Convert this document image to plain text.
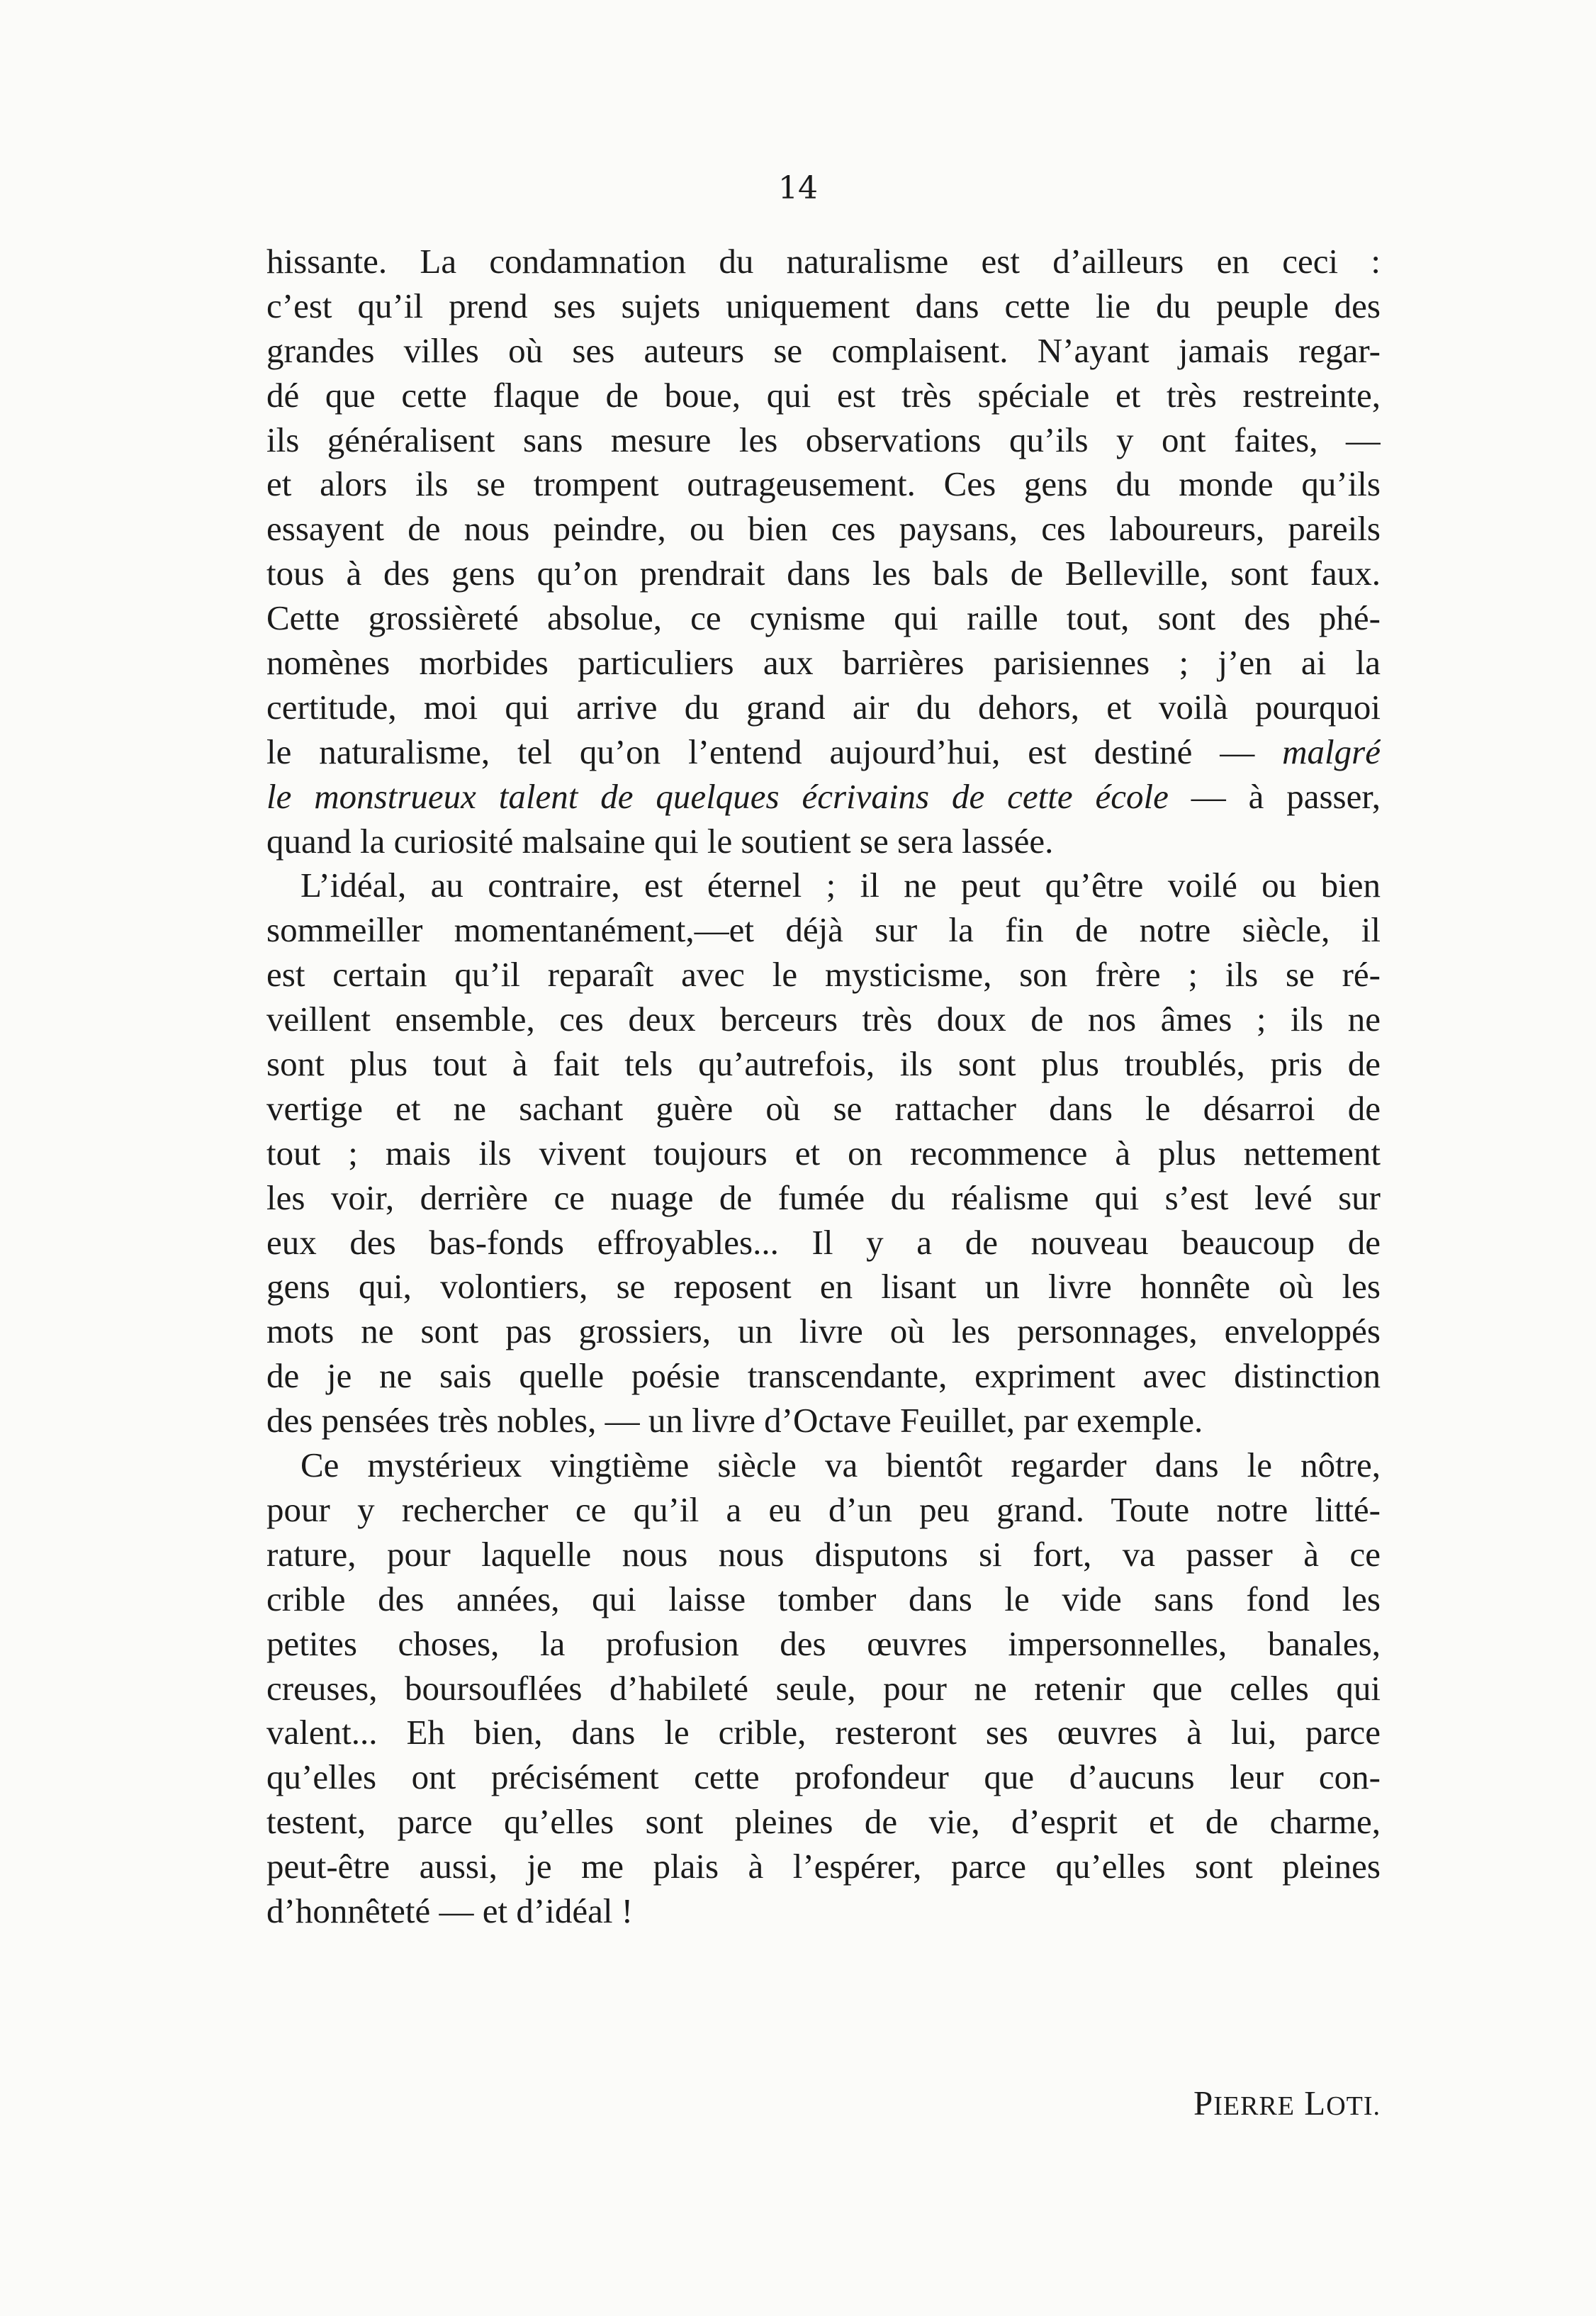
14
hissante. La condamnation du naturalisme est d’ailleurs en ceci :
c’est qu’il prend ses sujets uniquement dans cette lie du peuple des
grandes villes où ses auteurs se complaisent. N’ayant jamais regar-
dé que cette flaque de boue, qui est très spéciale et très restreinte,
ils généralisent sans mesure les observations qu’ils y ont faites, —
et alors ils se trompent outrageusement. Ces gens du monde qu’ils
essayent de nous peindre, ou bien ces paysans, ces laboureurs, pareils
tous à des gens qu’on prendrait dans les bals de Belleville, sont faux.
Cette grossièreté absolue, ce cynisme qui raille tout, sont des phé-
nomènes morbides particuliers aux barrières parisiennes ; j’en ai la
certitude, moi qui arrive du grand air du dehors, et voilà pourquoi
le naturalisme, tel qu’on l’entend aujourd’hui, est destiné — malgré
le monstrueux talent de quelques écrivains de cette école — à passer,
quand la curiosité malsaine qui le soutient se sera lassée.
L’idéal, au contraire, est éternel ; il ne peut qu’être voilé ou bien
sommeiller momentanément,—et déjà sur la fin de notre siècle, il
est certain qu’il reparaît avec le mysticisme, son frère ; ils se ré-
veillent ensemble, ces deux berceurs très doux de nos âmes ; ils ne
sont plus tout à fait tels qu’autrefois, ils sont plus troublés, pris de
vertige et ne sachant guère où se rattacher dans le désarroi de
tout ; mais ils vivent toujours et on recommence à plus nettement
les voir, derrière ce nuage de fumée du réalisme qui s’est levé sur
eux des bas-fonds effroyables... Il y a de nouveau beaucoup de
gens qui, volontiers, se reposent en lisant un livre honnête où les
mots ne sont pas grossiers, un livre où les personnages, enveloppés
de je ne sais quelle poésie transcendante, expriment avec distinction
des pensées très nobles, — un livre d’Octave Feuillet, par exemple.
Ce mystérieux vingtième siècle va bientôt regarder dans le nôtre,
pour y rechercher ce qu’il a eu d’un peu grand. Toute notre litté-
rature, pour laquelle nous nous disputons si fort, va passer à ce
crible des années, qui laisse tomber dans le vide sans fond les
petites choses, la profusion des œuvres impersonnelles, banales,
creuses, boursouflées d’habileté seule, pour ne retenir que celles qui
valent... Eh bien, dans le crible, resteront ses œuvres à lui, parce
qu’elles ont précisément cette profondeur que d’aucuns leur con-
testent, parce qu’elles sont pleines de vie, d’esprit et de charme,
peut-être aussi, je me plais à l’espérer, parce qu’elles sont pleines
d’honnêteté — et d’idéal !
PIERRE LOTI.
